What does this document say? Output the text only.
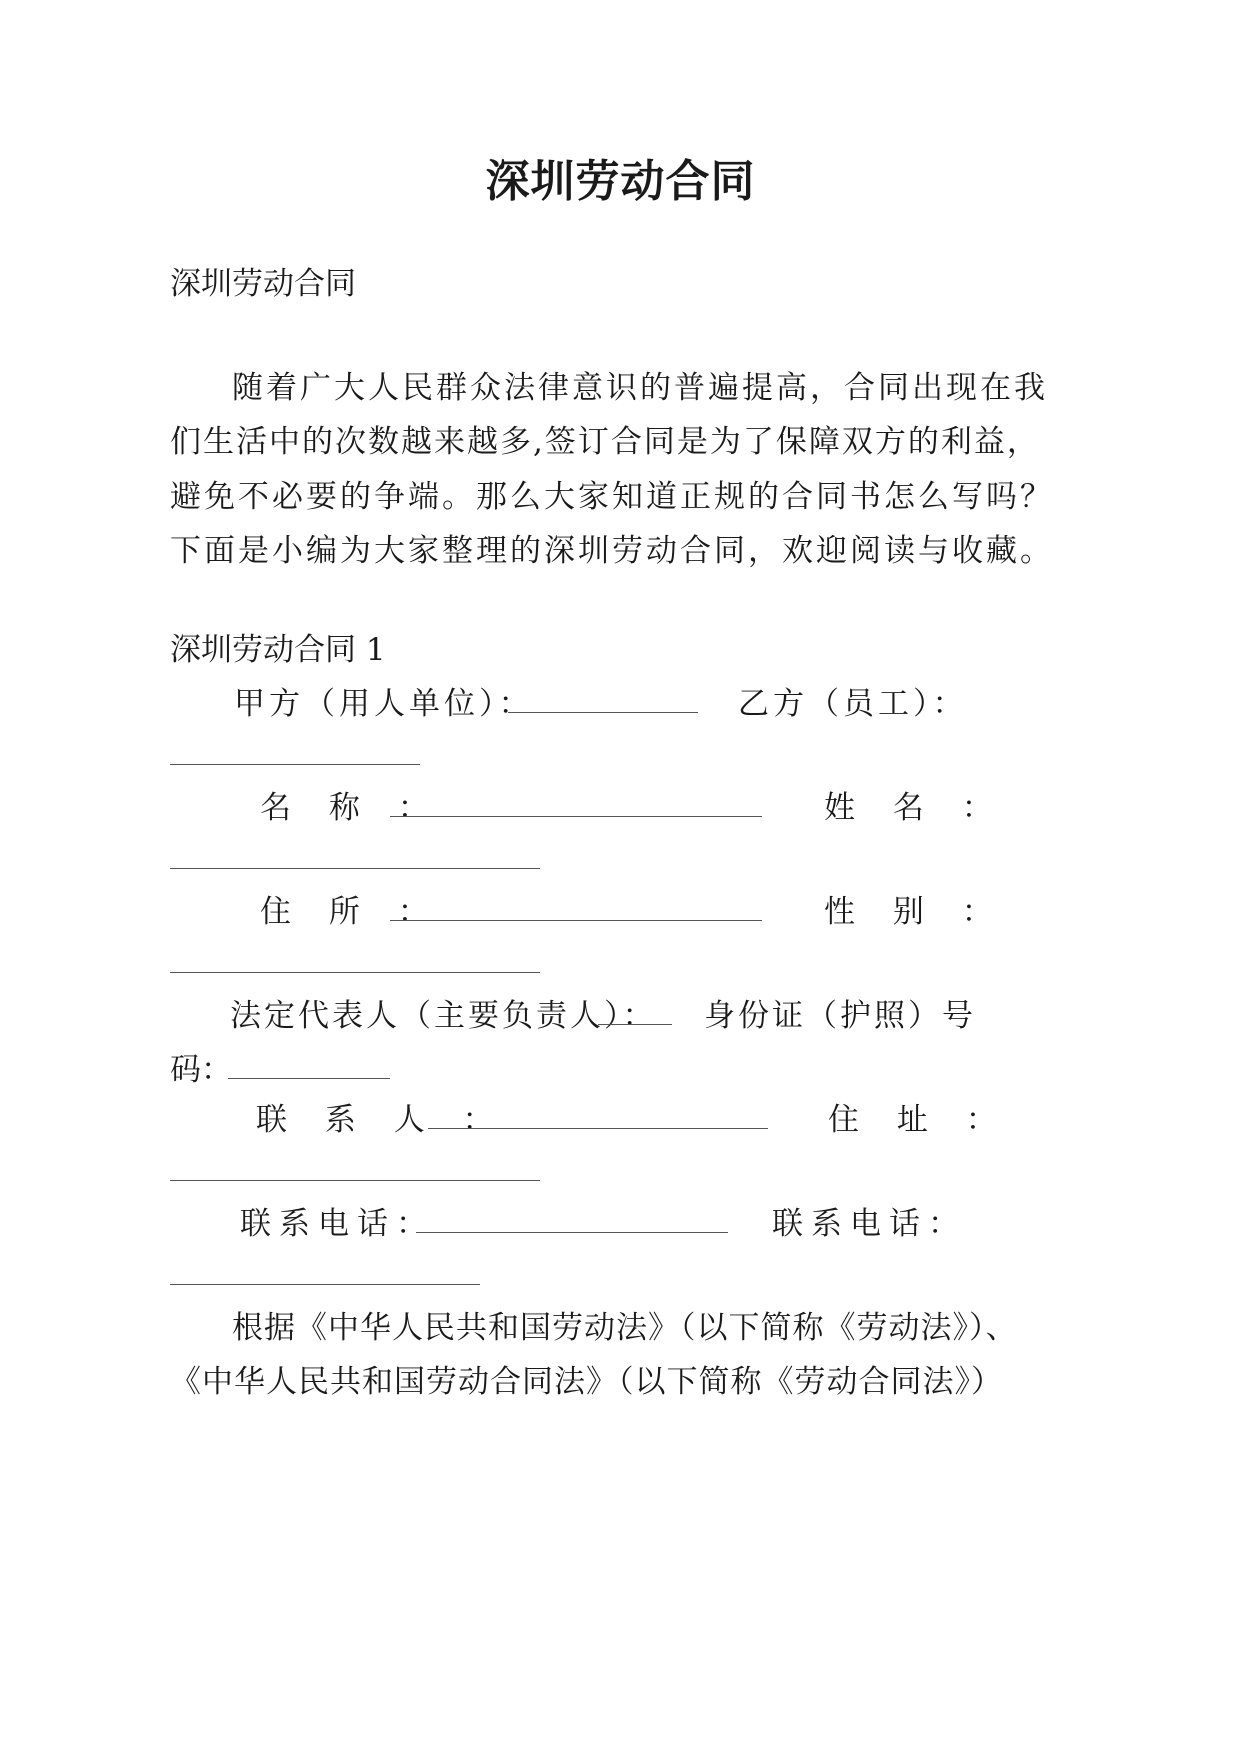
深圳劳动合同
深圳劳动合同
随着广大人民群众法律意识的普遍提高，合同出现在我
们生活中的次数越来越多,签订合同是为了保障双方的利益，
避免不必要的争端。那么大家知道正规的合同书怎么写吗？
下面是小编为大家整理的深圳劳动合同，欢迎阅读与收藏。
深圳劳动合同 1
甲方（用人单位）：	乙方（员工）：
名 称 ：	姓 名 ：
住 所 ：	性 别 ：
法定代表人（主要负责人）： 身份证（护照）号
码：
联 系 人 ：	住 址 ：
联系电话：	联系电话：
根据《中华人民共和国劳动法》（以下简称《劳动法》）、
《中华人民共和国劳动合同法》（以下简称《劳动合同法》）
